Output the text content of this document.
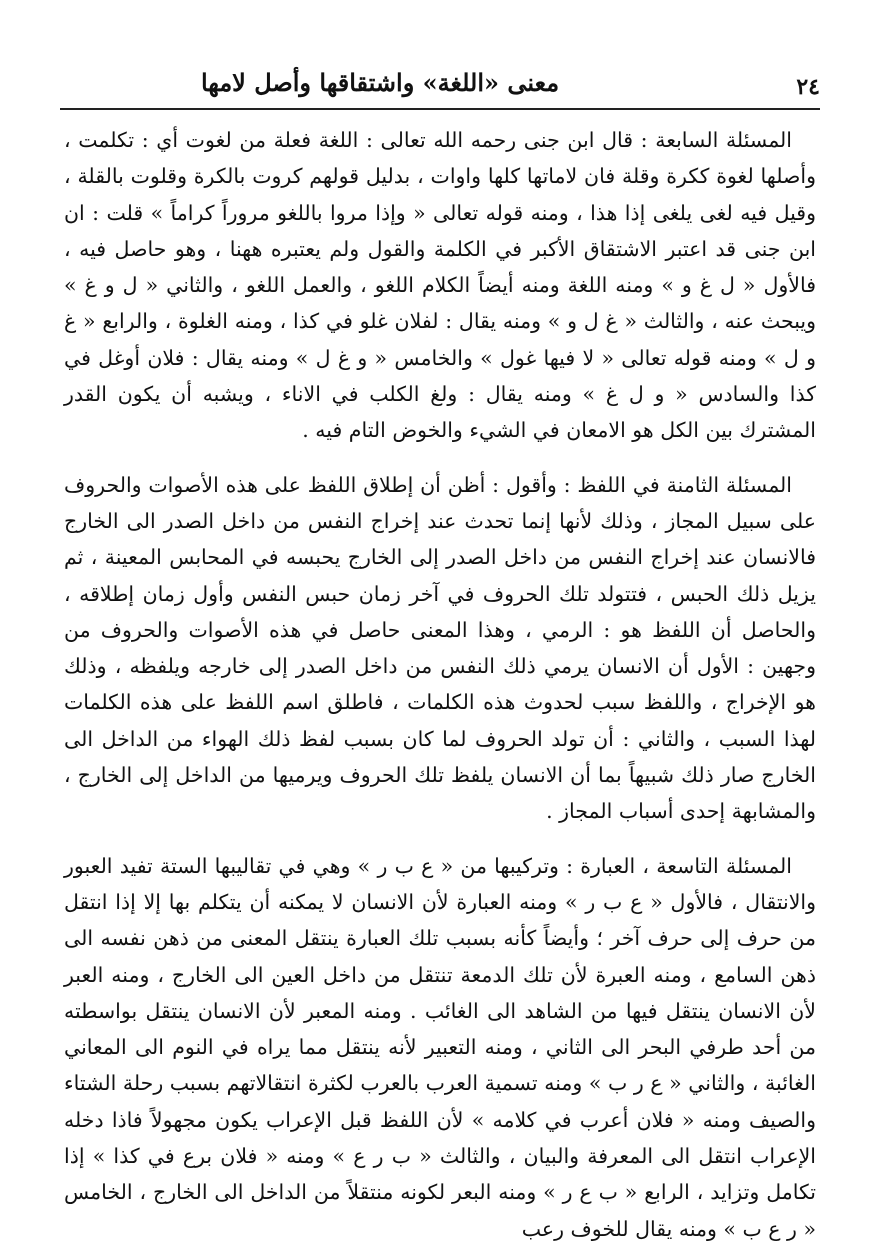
٢٤
معنى «اللغة» واشتقاقها وأصل لامها

المسئلة السابعة : قال ابن جنى رحمه الله تعالى : اللغة فعلة من لغوت أي : تكلمت ، وأصلها لغوة ككرة وقلة فان لاماتها كلها واوات ، بدليل قولهم كروت بالكرة وقلوت بالقلة ، وقيل فيه لغى يلغى إذا هذا ، ومنه قوله تعالى « وإذا مروا باللغو مروراً كراماً » قلت : ان ابن جنى قد اعتبر الاشتقاق الأكبر في الكلمة والقول ولم يعتبره ههنا ، وهو حاصل فيه ، فالأول « ل غ و » ومنه اللغة ومنه أيضاً الكلام اللغو ، والعمل اللغو ، والثاني « ل و غ » ويبحث عنه ، والثالث « غ ل و » ومنه يقال : لفلان غلو في كذا ، ومنه الغلوة ، والرابع « غ و ل » ومنه قوله تعالى « لا فيها غول » والخامس « و غ ل » ومنه يقال : فلان أوغل في كذا والسادس « و ل غ » ومنه يقال : ولغ الكلب في الاناء ، ويشبه أن يكون القدر المشترك بين الكل هو الامعان في الشيء والخوض التام فيه .

المسئلة الثامنة في اللفظ : وأقول : أظن أن إطلاق اللفظ على هذه الأصوات والحروف على سبيل المجاز ، وذلك لأنها إنما تحدث عند إخراج النفس من داخل الصدر الى الخارج فالانسان عند إخراج النفس من داخل الصدر إلى الخارج يحبسه في المحابس المعينة ، ثم يزيل ذلك الحبس ، فتتولد تلك الحروف في آخر زمان حبس النفس وأول زمان إطلاقه ، والحاصل أن اللفظ هو : الرمي ، وهذا المعنى حاصل في هذه الأصوات والحروف من وجهين : الأول أن الانسان يرمي ذلك النفس من داخل الصدر إلى خارجه ويلفظه ، وذلك هو الإخراج ، واللفظ سبب لحدوث هذه الكلمات ، فاطلق اسم اللفظ على هذه الكلمات لهذا السبب ، والثاني : أن تولد الحروف لما كان بسبب لفظ ذلك الهواء من الداخل الى الخارج صار ذلك شبيهاً بما أن الانسان يلفظ تلك الحروف ويرميها من الداخل إلى الخارج ، والمشابهة إحدى أسباب المجاز .

المسئلة التاسعة ، العبارة : وتركيبها من « ع ب ر » وهي في تقاليبها الستة تفيد العبور والانتقال ، فالأول « ع ب ر » ومنه العبارة لأن الانسان لا يمكنه أن يتكلم بها إلا إذا انتقل من حرف إلى حرف آخر ؛ وأيضاً كأنه بسبب تلك العبارة ينتقل المعنى من ذهن نفسه الى ذهن السامع ، ومنه العبرة لأن تلك الدمعة تنتقل من داخل العين الى الخارج ، ومنه العبر لأن الانسان ينتقل فيها من الشاهد الى الغائب . ومنه المعبر لأن الانسان ينتقل بواسطته من أحد طرفي البحر الى الثاني ، ومنه التعبير لأنه ينتقل مما يراه في النوم الى المعاني الغائبة ، والثاني « ع ر ب » ومنه تسمية العرب بالعرب لكثرة انتقالاتهم بسبب رحلة الشتاء والصيف ومنه « فلان أعرب في كلامه » لأن اللفظ قبل الإعراب يكون مجهولاً فاذا دخله الإعراب انتقل الى المعرفة والبيان ، والثالث « ب ر ع » ومنه « فلان برع في كذا » إذا تكامل وتزايد ، الرابع « ب ع ر » ومنه البعر لكونه منتقلاً من الداخل الى الخارج ، الخامس « ر ع ب » ومنه يقال للخوف رعب
